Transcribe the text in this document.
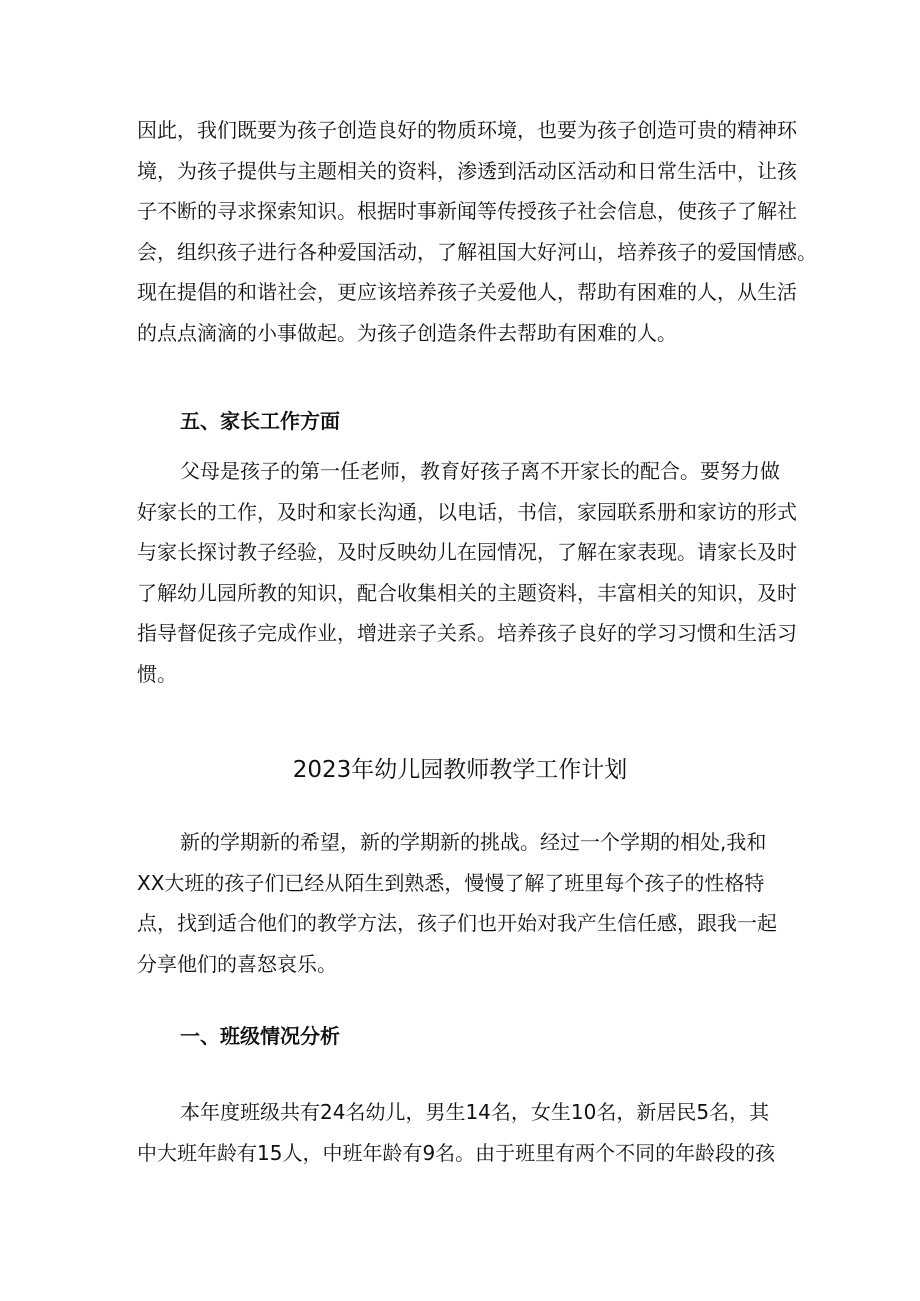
因此，我们既要为孩子创造良好的物质环境，也要为孩子创造可贵的精神环
境，为孩子提供与主题相关的资料，渗透到活动区活动和日常生活中，让孩
子不断的寻求探索知识。根据时事新闻等传授孩子社会信息，使孩子了解社
会，组织孩子进行各种爱国活动，了解祖国大好河山，培养孩子的爱国情感。
现在提倡的和谐社会，更应该培养孩子关爱他人，帮助有困难的人，从生活
的点点滴滴的小事做起。为孩子创造条件去帮助有困难的人。
五、家长工作方面
父母是孩子的第一任老师，教育好孩子离不开家长的配合。要努力做
好家长的工作，及时和家长沟通，以电话，书信，家园联系册和家访的形式
与家长探讨教子经验，及时反映幼儿在园情况，了解在家表现。请家长及时
了解幼儿园所教的知识，配合收集相关的主题资料，丰富相关的知识，及时
指导督促孩子完成作业，增进亲子关系。培养孩子良好的学习习惯和生活习
惯。
2023年幼儿园教师教学工作计划
新的学期新的希望，新的学期新的挑战。经过一个学期的相处,我和
XX大班的孩子们已经从陌生到熟悉，慢慢了解了班里每个孩子的性格特
点，找到适合他们的教学方法，孩子们也开始对我产生信任感，跟我一起
分享他们的喜怒哀乐。
一、班级情况分析
本年度班级共有24名幼儿，男生14名，女生10名，新居民5名，其
中大班年龄有15人，中班年龄有9名。由于班里有两个不同的年龄段的孩
